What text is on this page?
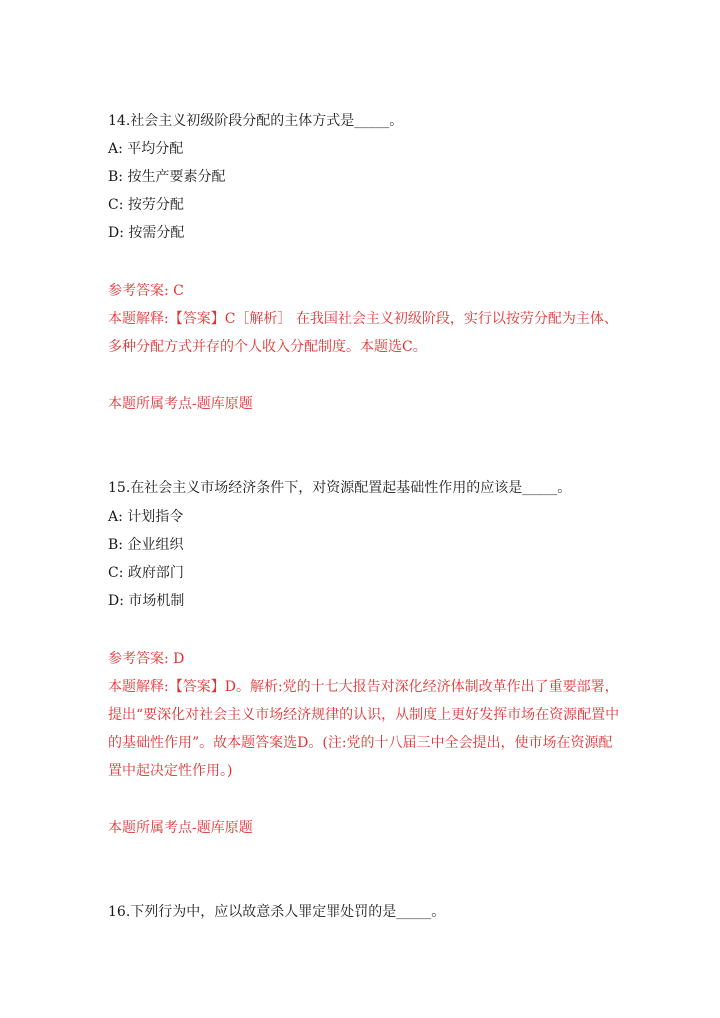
14.社会主义初级阶段分配的主体方式是_____。
A: 平均分配
B: 按生产要素分配
C: 按劳分配
D: 按需分配
参考答案: C
本题解释:【答案】C［解析］ 在我国社会主义初级阶段，实行以按劳分配为主体、多种分配方式并存的个人收入分配制度。本题选C。
本题所属考点-题库原题
15.在社会主义市场经济条件下，对资源配置起基础性作用的应该是_____。
A: 计划指令
B: 企业组织
C: 政府部门
D: 市场机制
参考答案: D
本题解释:【答案】D。解析:党的十七大报告对深化经济体制改革作出了重要部署，提出“要深化对社会主义市场经济规律的认识，从制度上更好发挥市场在资源配置中的基础性作用”。故本题答案选D。(注:党的十八届三中全会提出，使市场在资源配置中起决定性作用。)
本题所属考点-题库原题
16.下列行为中，应以故意杀人罪定罪处罚的是_____。
